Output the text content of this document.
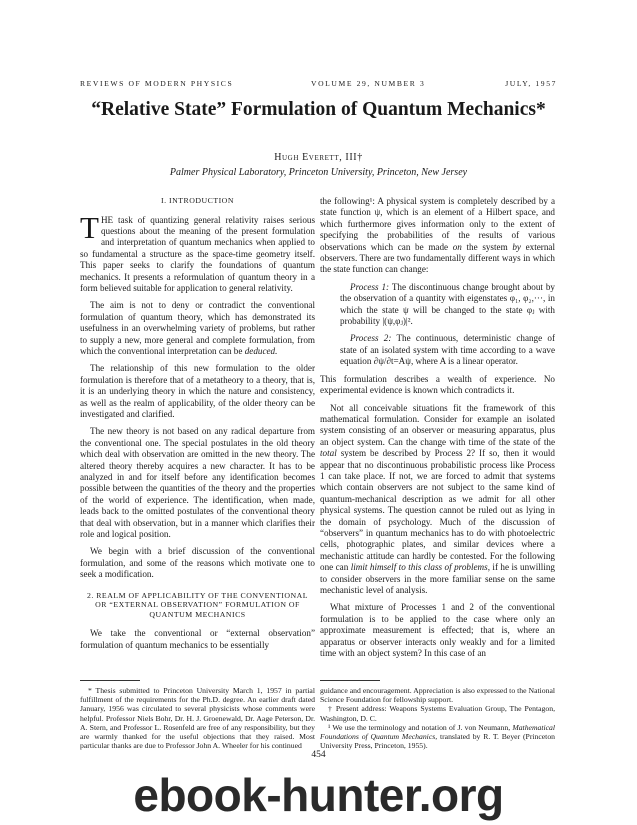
REVIEWS OF MODERN PHYSICS	VOLUME 29, NUMBER 3	JULY, 1957
“Relative State” Formulation of Quantum Mechanics*

Hugh Everett, III†

Palmer Physical Laboratory, Princeton University, Princeton, New Jersey

I. INTRODUCTION

THE task of quantizing general relativity raises serious questions about the meaning of the present formulation and interpretation of quantum mechanics when applied to so fundamental a structure as the space-time geometry itself. This paper seeks to clarify the foundations of quantum mechanics. It presents a reformulation of quantum theory in a form believed suitable for application to general relativity.

The aim is not to deny or contradict the conventional formulation of quantum theory, which has demonstrated its usefulness in an overwhelming variety of problems, but rather to supply a new, more general and complete formulation, from which the conventional interpretation can be deduced.

The relationship of this new formulation to the older formulation is therefore that of a metatheory to a theory, that is, it is an underlying theory in which the nature and consistency, as well as the realm of applicability, of the older theory can be investigated and clarified.

The new theory is not based on any radical departure from the conventional one. The special postulates in the old theory which deal with observation are omitted in the new theory. The altered theory thereby acquires a new character. It has to be analyzed in and for itself before any identification becomes possible between the quantities of the theory and the properties of the world of experience. The identification, when made, leads back to the omitted postulates of the conventional theory that deal with observation, but in a manner which clarifies their role and logical position.

We begin with a brief discussion of the conventional formulation, and some of the reasons which motivate one to seek a modification.

2. REALM OF APPLICABILITY OF THE CONVENTIONAL OR “EXTERNAL OBSERVATION” FORMULATION OF QUANTUM MECHANICS

We take the conventional or “external observation” formulation of quantum mechanics to be essentially

the following¹: A physical system is completely described by a state function ψ, which is an element of a Hilbert space, and which furthermore gives information only to the extent of specifying the probabilities of the results of various observations which can be made on the system by external observers. There are two fundamentally different ways in which the state function can change:

Process 1: The discontinuous change brought about by the observation of a quantity with eigenstates φ₁, φ₂,···, in which the state ψ will be changed to the state φⱼ with probability |(ψ,φⱼ)|².

Process 2: The continuous, deterministic change of state of an isolated system with time according to a wave equation ∂ψ/∂t=Aψ, where A is a linear operator.

This formulation describes a wealth of experience. No experimental evidence is known which contradicts it.

Not all conceivable situations fit the framework of this mathematical formulation. Consider for example an isolated system consisting of an observer or measuring apparatus, plus an object system. Can the change with time of the state of the total system be described by Process 2? If so, then it would appear that no discontinuous probabilistic process like Process 1 can take place. If not, we are forced to admit that systems which contain observers are not subject to the same kind of quantum-mechanical description as we admit for all other physical systems. The question cannot be ruled out as lying in the domain of psychology. Much of the discussion of “observers” in quantum mechanics has to do with photoelectric cells, photographic plates, and similar devices where a mechanistic attitude can hardly be contested. For the following one can limit himself to this class of problems, if he is unwilling to consider observers in the more familiar sense on the same mechanistic level of analysis.

What mixture of Processes 1 and 2 of the conventional formulation is to be applied to the case where only an approximate measurement is effected; that is, where an apparatus or observer interacts only weakly and for a limited time with an object system? In this case of an

* Thesis submitted to Princeton University March 1, 1957 in partial fulfillment of the requirements for the Ph.D. degree. An earlier draft dated January, 1956 was circulated to several physicists whose comments were helpful. Professor Niels Bohr, Dr. H. J. Groenewald, Dr. Aage Peterson, Dr. A. Stern, and Professor L. Rosenfeld are free of any responsibility, but they are warmly thanked for the useful objections that they raised. Most particular thanks are due to Professor John A. Wheeler for his continued

guidance and encouragement. Appreciation is also expressed to the National Science Foundation for fellowship support.

† Present address: Weapons Systems Evaluation Group, The Pentagon, Washington, D. C.

¹ We use the terminology and notation of J. von Neumann, Mathematical Foundations of Quantum Mechanics, translated by R. T. Beyer (Princeton University Press, Princeton, 1955).

454
ebook-hunter.org
